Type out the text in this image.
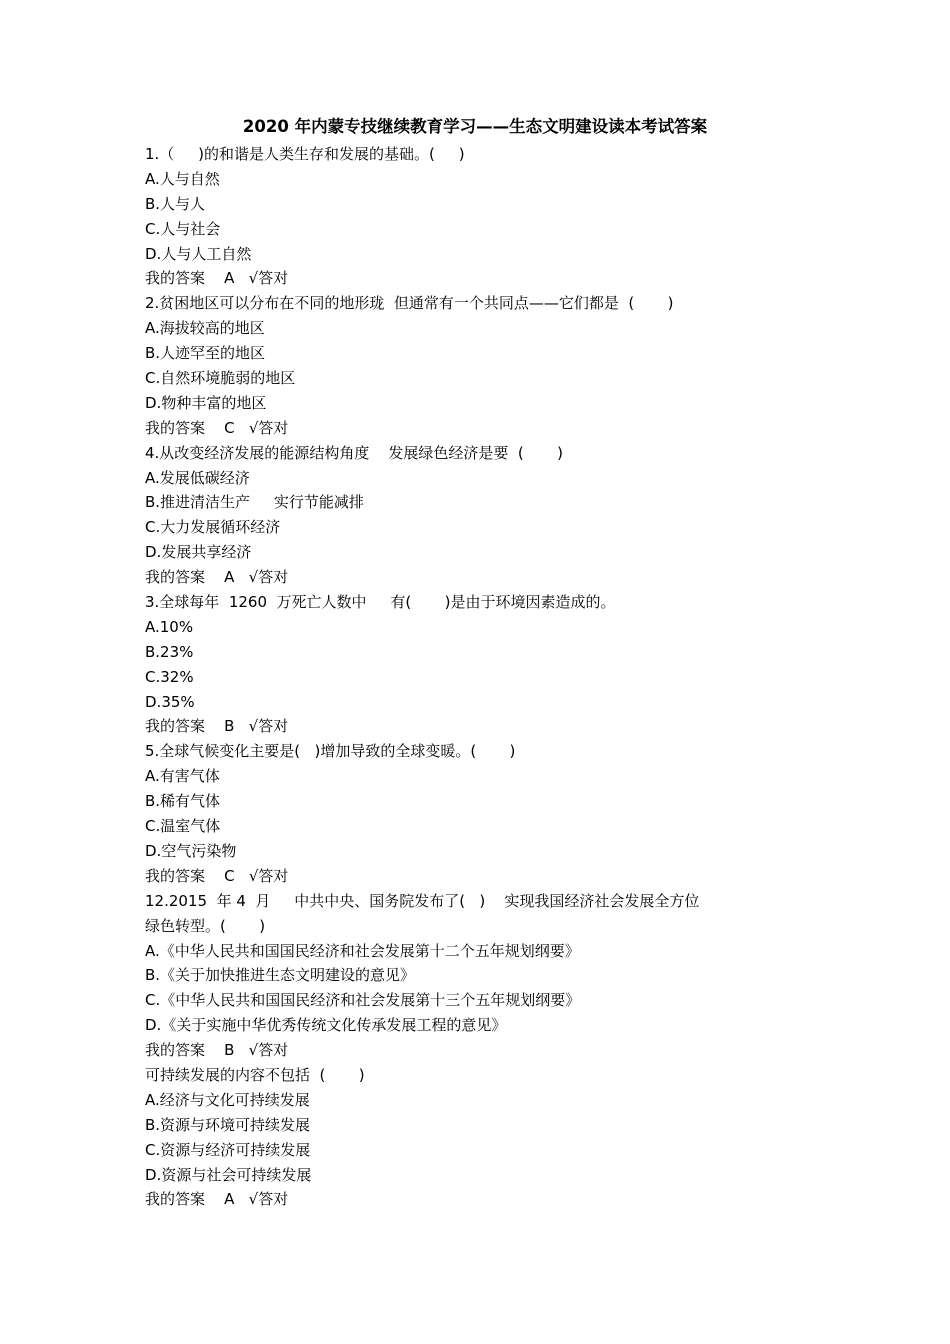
2020 年内蒙专技继续教育学习——生态文明建设读本考试答案
1.（     )的和谐是人类生存和发展的基础。(     )
A.人与自然
B.人与人
C.人与社会
D.人与人工自然
我的答案    A   √答对
2.贫困地区可以分布在不同的地形珑  但通常有一个共同点——它们都是  (       )
A.海拔较高的地区
B.人迹罕至的地区
C.自然环境脆弱的地区
D.物种丰富的地区
我的答案    C   √答对
4.从改变经济发展的能源结构角度    发展绿色经济是要  (       )
A.发展低碳经济
B.推进清洁生产     实行节能减排
C.大力发展循环经济
D.发展共享经济
我的答案    A   √答对
3.全球每年  1260  万死亡人数中     有(       )是由于环境因素造成的。
A.10%
B.23%
C.32%
D.35%
我的答案    B   √答对
5.全球气候变化主要是(   )增加导致的全球变暖。(       )
A.有害气体
B.稀有气体
C.温室气体
D.空气污染物
我的答案    C   √答对
12.2015  年 4  月     中共中央、国务院发布了(   )    实现我国经济社会发展全方位
绿色转型。(       )
A.《中华人民共和国国民经济和社会发展第十二个五年规划纲要》
B.《关于加快推进生态文明建设的意见》
C.《中华人民共和国国民经济和社会发展第十三个五年规划纲要》
D.《关于实施中华优秀传统文化传承发展工程的意见》
我的答案    B   √答对
可持续发展的内容不包括  (       )
A.经济与文化可持续发展
B.资源与环境可持续发展
C.资源与经济可持续发展
D.资源与社会可持续发展
我的答案    A   √答对
